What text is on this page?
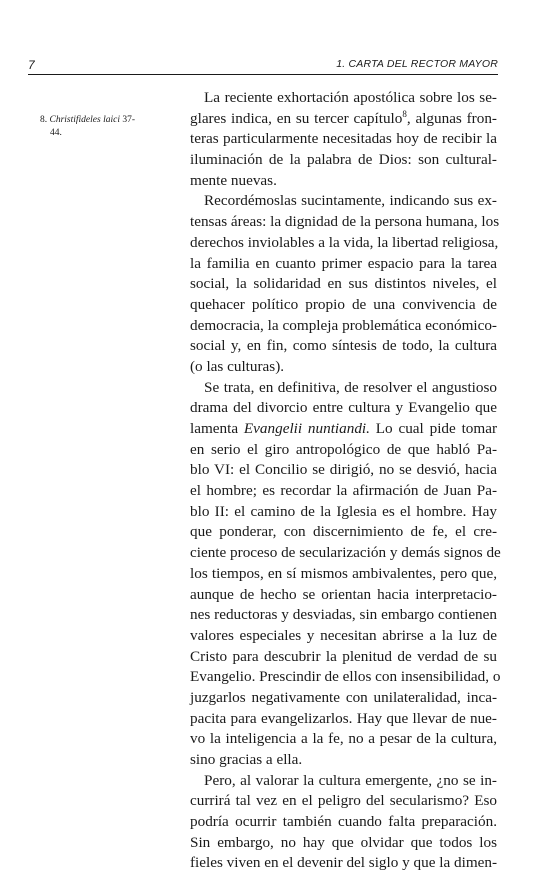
7	1. CARTA DEL RECTOR MAYOR
8. Christifideles laici 37-
44.
La reciente exhortación apostólica sobre los se-
glares indica, en su tercer capítulo$^8$, algunas fron-
teras particularmente necesitadas hoy de recibir la
iluminación de la palabra de Dios: son cultural-
mente nuevas.
Recordémoslas sucintamente, indicando sus ex-
tensas áreas: la dignidad de la persona humana, los
derechos inviolables a la vida, la libertad religiosa,
la familia en cuanto primer espacio para la tarea
social, la solidaridad en sus distintos niveles, el
quehacer político propio de una convivencia de
democracia, la compleja problemática económico-
social y, en fin, como síntesis de todo, la cultura
(o las culturas).
Se trata, en definitiva, de resolver el angustioso
drama del divorcio entre cultura y Evangelio que
lamenta Evangelii nuntiandi. Lo cual pide tomar
en serio el giro antropológico de que habló Pa-
blo VI: el Concilio se dirigió, no se desvió, hacia
el hombre; es recordar la afirmación de Juan Pa-
blo II: el camino de la Iglesia es el hombre. Hay
que ponderar, con discernimiento de fe, el cre-
ciente proceso de secularización y demás signos de
los tiempos, en sí mismos ambivalentes, pero que,
aunque de hecho se orientan hacia interpretacio-
nes reductoras y desviadas, sin embargo contienen
valores especiales y necesitan abrirse a la luz de
Cristo para descubrir la plenitud de verdad de su
Evangelio. Prescindir de ellos con insensibilidad, o
juzgarlos negativamente con unilateralidad, inca-
pacita para evangelizarlos. Hay que llevar de nue-
vo la inteligencia a la fe, no a pesar de la cultura,
sino gracias a ella.
Pero, al valorar la cultura emergente, ¿no se in-
currirá tal vez en el peligro del secularismo? Eso
podría ocurrir también cuando falta preparación.
Sin embargo, no hay que olvidar que todos los
fieles viven en el devenir del siglo y que la dimen-
